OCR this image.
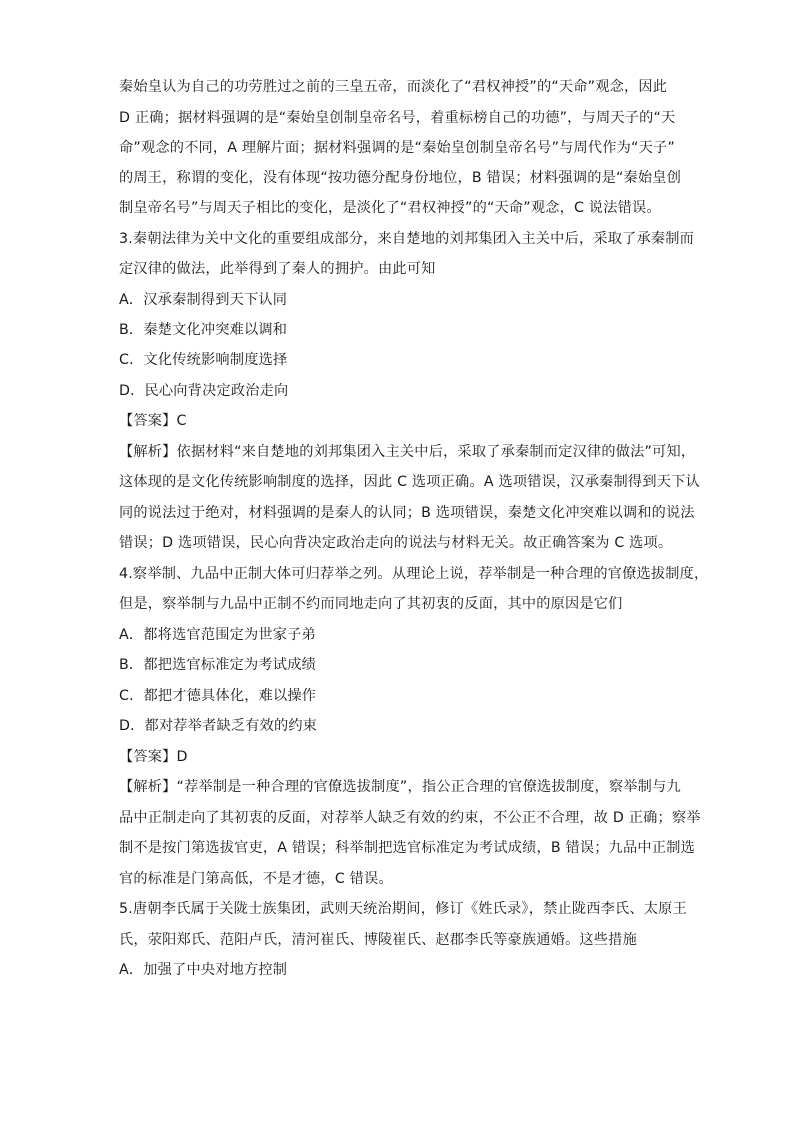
秦始皇认为自己的功劳胜过之前的三皇五帝，而淡化了“君权神授”的“天命”观念，因此
D 正确；据材料强调的是“秦始皇创制皇帝名号，着重标榜自己的功德”，与周天子的“天
命”观念的不同，A 理解片面；据材料强调的是“秦始皇创制皇帝名号”与周代作为“天子”
的周王，称谓的变化，没有体现“按功德分配身份地位，B 错误；材料强调的是“秦始皇创
制皇帝名号”与周天子相比的变化，是淡化了“君权神授”的“天命”观念，C 说法错误。
3.秦朝法律为关中文化的重要组成部分，来自楚地的刘邦集团入主关中后，采取了承秦制而
定汉律的做法，此举得到了秦人的拥护。由此可知
A．汉承秦制得到天下认同
B．秦楚文化冲突难以调和
C．文化传统影响制度选择
D．民心向背决定政治走向
【答案】C
【解析】依据材料“来自楚地的刘邦集团入主关中后，采取了承秦制而定汉律的做法”可知，
这体现的是文化传统影响制度的选择，因此 C 选项正确。A 选项错误，汉承秦制得到天下认
同的说法过于绝对，材料强调的是秦人的认同；B 选项错误，秦楚文化冲突难以调和的说法
错误；D 选项错误，民心向背决定政治走向的说法与材料无关。故正确答案为 C 选项。
4.察举制、九品中正制大体可归荐举之列。从理论上说，荐举制是一种合理的官僚选拔制度，
但是，察举制与九品中正制不约而同地走向了其初衷的反面，其中的原因是它们
A．都将选官范围定为世家子弟
B．都把选官标准定为考试成绩
C．都把才德具体化，难以操作
D．都对荐举者缺乏有效的约束
【答案】D
【解析】“荐举制是一种合理的官僚选拔制度”，指公正合理的官僚选拔制度，察举制与九
品中正制走向了其初衷的反面，对荐举人缺乏有效的约束，不公正不合理，故 D 正确；察举
制不是按门第选拔官吏，A 错误；科举制把选官标准定为考试成绩，B 错误；九品中正制选
官的标准是门第高低，不是才德，C 错误。
5.唐朝李氏属于关陇士族集团，武则天统治期间，修订《姓氏录》，禁止陇西李氏、太原王
氏，荥阳郑氏、范阳卢氏，清河崔氏、博陵崔氏、赵郡李氏等豪族通婚。这些措施
A．加强了中央对地方控制
